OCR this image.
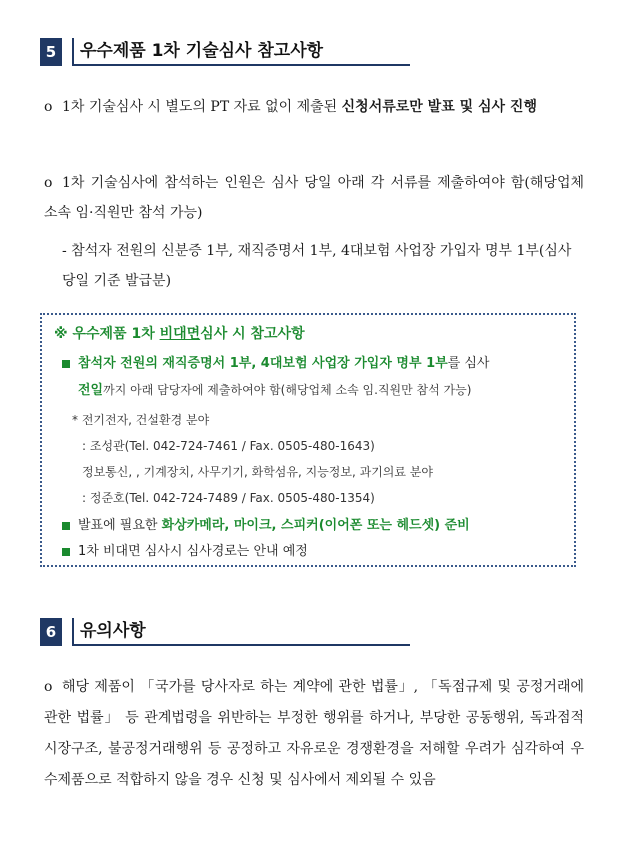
5	우수제품 1차 기술심사 참고사항
o 1차 기술심사 시 별도의 PT 자료 없이 제출된 신청서류로만 발표 및 심사 진행
o 1차 기술심사에 참석하는 인원은 심사 당일 아래 각 서류를 제출하여야 함(해당업체 소속 임·직원만 참석 가능)
- 참석자 전원의 신분증 1부, 재직증명서 1부, 4대보험 사업장 가입자 명부 1부(심사 당일 기준 발급분)
※ 우수제품 1차 비대면심사 시 참고사항
참석자 전원의 재직증명서 1부, 4대보험 사업장 가입자 명부 1부를 심사
전일까지 아래 담당자에 제출하여야 함(해당업체 소속 임.직원만 참석 가능)
* 전기전자, 건설환경 분야
: 조성관(Tel. 042-724-7461 / Fax. 0505-480-1643)
정보통신, , 기계장치, 사무기기, 화학섬유, 지능정보, 과기의료 분야
: 정준호(Tel. 042-724-7489 / Fax. 0505-480-1354)
발표에 필요한 화상카메라, 마이크, 스피커(이어폰 또는 헤드셋) 준비
1차 비대면 심사시 심사경로는 안내 예정
6	유의사항
o 해당 제품이 「국가를 당사자로 하는 계약에 관한 법률」, 「독점규제 및 공정거래에 관한 법률」 등 관계법령을 위반하는 부정한 행위를 하거나, 부당한 공동행위, 독과점적 시장구조, 불공정거래행위 등 공정하고 자유로운 경쟁환경을 저해할 우려가 심각하여 우수제품으로 적합하지 않을 경우 신청 및 심사에서 제외될 수 있음
